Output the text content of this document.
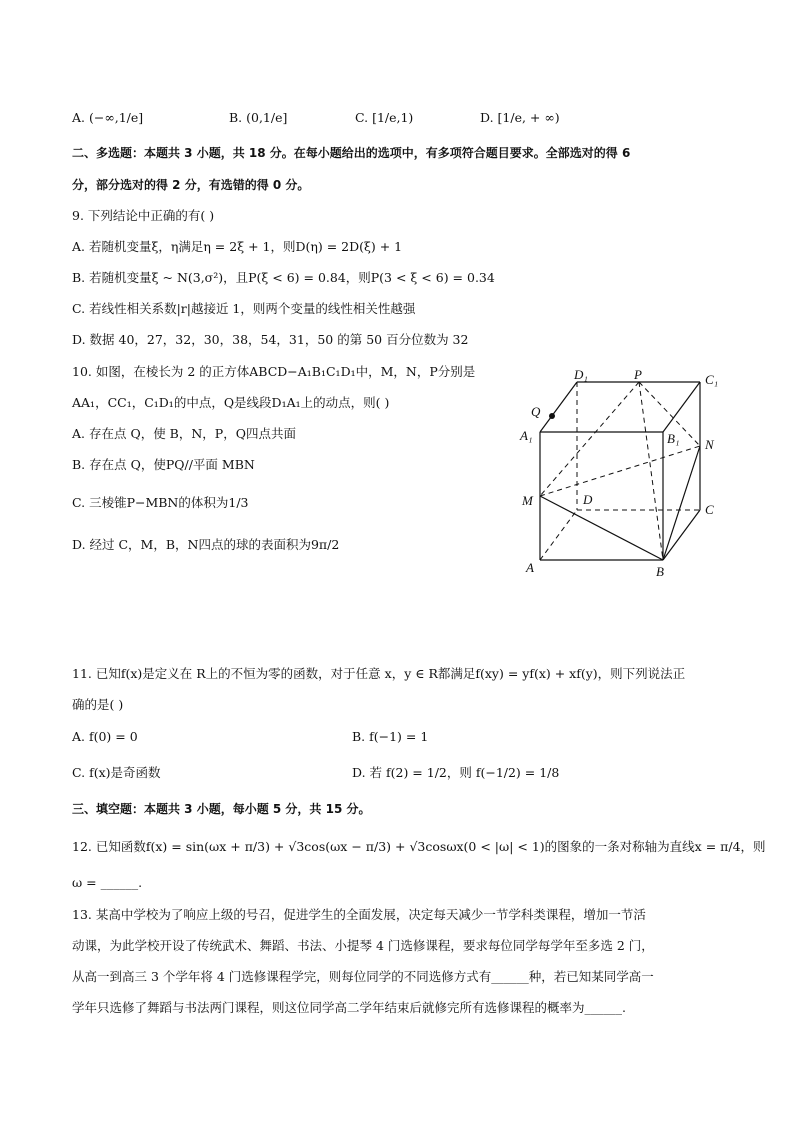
A. (−∞,1/e]	B. (0,1/e]	C. [1/e,1)	D. [1/e, + ∞)
二、多选题：本题共 3 小题，共 18 分。在每小题给出的选项中，有多项符合题目要求。全部选对的得 6
分，部分选对的得 2 分，有选错的得 0 分。
9. 下列结论中正确的有( )
A. 若随机变量ξ，η满足η = 2ξ + 1，则D(η) = 2D(ξ) + 1
B. 若随机变量ξ ~ N(3,σ²)，且P(ξ < 6) = 0.84，则P(3 < ξ < 6) = 0.34
C. 若线性相关系数|r|越接近 1，则两个变量的线性相关性越强
D. 数据 40，27，32，30，38，54，31，50 的第 50 百分位数为 32
10. 如图，在棱长为 2 的正方体ABCD−A₁B₁C₁D₁中，M，N，P分别是
AA₁，CC₁，C₁D₁的中点，Q是线段D₁A₁上的动点，则( )
A. 存在点 Q，使 B，N，P，Q四点共面
B. 存在点 Q，使PQ//平面 MBN
C. 三棱锥P−MBN的体积为1/3
D. 经过 C，M，B，N四点的球的表面积为9π/2
D₁	P	C₁
Q
A₁	B₁ N
M	D
C
A	B
11. 已知f(x)是定义在 R上的不恒为零的函数，对于任意 x，y ∈ R都满足f(xy) = yf(x) + xf(y)，则下列说法正
确的是( )
A. f(0) = 0	B. f(−1) = 1
C. f(x)是奇函数	D. 若 f(2) = 1/2，则 f(−1/2) = 1/8
三、填空题：本题共 3 小题，每小题 5 分，共 15 分。
12. 已知函数f(x) = sin(ωx + π/3) + √3cos(ωx − π/3) + √3cosωx(0 < |ω| < 1)的图象的一条对称轴为直线x = π/4，则
ω = ______.
13. 某高中学校为了响应上级的号召，促进学生的全面发展，决定每天减少一节学科类课程，增加一节活
动课，为此学校开设了传统武术、舞蹈、书法、小提琴 4 门选修课程，要求每位同学每学年至多选 2 门，
从高一到高三 3 个学年将 4 门选修课程学完，则每位同学的不同选修方式有______种，若已知某同学高一
学年只选修了舞蹈与书法两门课程，则这位同学高二学年结束后就修完所有选修课程的概率为______.
